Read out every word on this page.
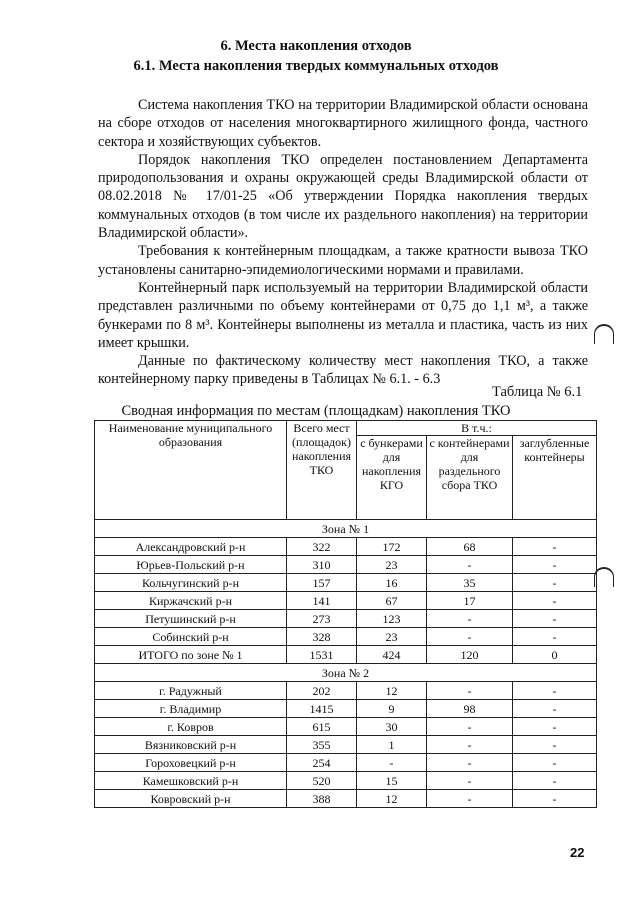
6. Места накопления отходов
6.1. Места накопления твердых коммунальных отходов

Система накопления ТКО на территории Владимирской области основана на сборе отходов от населения многоквартирного жилищного фонда, частного сектора и хозяйствующих субъектов.

Порядок накопления ТКО определен постановлением Департамента природопользования и охраны окружающей среды Владимирской области от 08.02.2018 № 17/01-25 «Об утверждении Порядка накопления твердых коммунальных отходов (в том числе их раздельного накопления) на территории Владимирской области».

Требования к контейнерным площадкам, а также кратности вывоза ТКО установлены санитарно-эпидемиологическими нормами и правилами.

Контейнерный парк используемый на территории Владимирской области представлен различными по объему контейнерами от 0,75 до 1,1 м³, а также бункерами по 8 м³. Контейнеры выполнены из металла и пластика, часть из них имеет крышки.

Данные по фактическому количеству мест накопления ТКО, а также контейнерному парку приведены в Таблицах № 6.1. - 6.3

Таблица № 6.1
Сводная информация по местам (площадкам) накопления ТКО
Наименование муниципального образования	Всего мест (площадок) накопления ТКО	В т.ч.:		
		с бункерами для накопления КГО	с контейнерами для раздельного сбора ТКО	заглубленные контейнеры
Зона № 1				
Александровский р-н	322	172	68	-
Юрьев-Польский р-н	310	23	-	-
Кольчугинский р-н	157	16	35	-
Киржачский р-н	141	67	17	-
Петушинский р-н	273	123	-	-
Собинский р-н	328	23	-	-
ИТОГО по зоне № 1	1531	424	120	0
Зона № 2				
г. Радужный	202	12	-	-
г. Владимир	1415	9	98	-
г. Ковров	615	30	-	-
Вязниковский р-н	355	1	-	-
Гороховецкий р-н	254	-	-	-
Камешковский р-н	520	15	-	-
Ковровский р-н	388	12	-	-
22
